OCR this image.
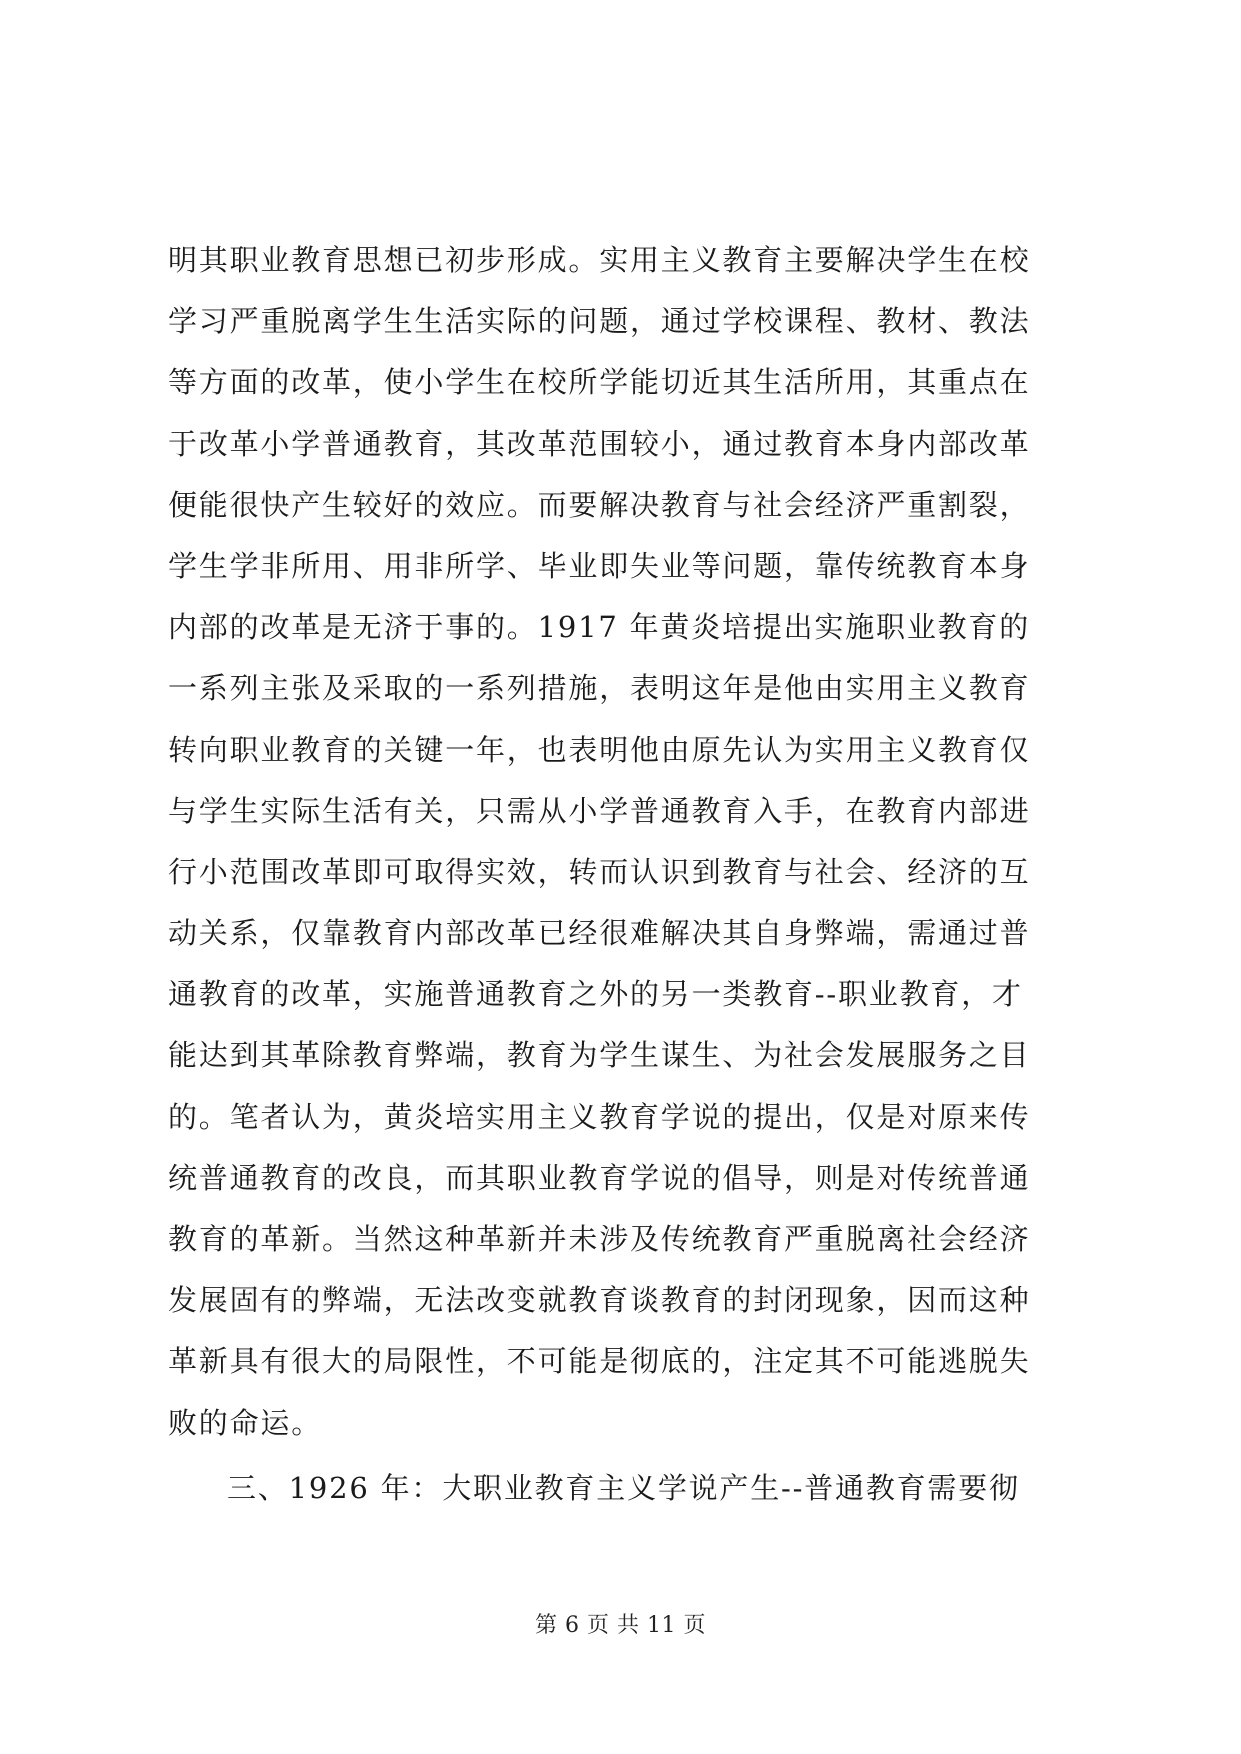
明其职业教育思想已初步形成。实用主义教育主要解决学生在校
学习严重脱离学生生活实际的问题，通过学校课程、教材、教法
等方面的改革，使小学生在校所学能切近其生活所用，其重点在
于改革小学普通教育，其改革范围较小，通过教育本身内部改革
便能很快产生较好的效应。而要解决教育与社会经济严重割裂，
学生学非所用、用非所学、毕业即失业等问题，靠传统教育本身
内部的改革是无济于事的。1917 年黄炎培提出实施职业教育的
一系列主张及采取的一系列措施，表明这年是他由实用主义教育
转向职业教育的关键一年，也表明他由原先认为实用主义教育仅
与学生实际生活有关，只需从小学普通教育入手，在教育内部进
行小范围改革即可取得实效，转而认识到教育与社会、经济的互
动关系，仅靠教育内部改革已经很难解决其自身弊端，需通过普
通教育的改革，实施普通教育之外的另一类教育--职业教育，才
能达到其革除教育弊端，教育为学生谋生、为社会发展服务之目
的。笔者认为，黄炎培实用主义教育学说的提出，仅是对原来传
统普通教育的改良，而其职业教育学说的倡导，则是对传统普通
教育的革新。当然这种革新并未涉及传统教育严重脱离社会经济
发展固有的弊端，无法改变就教育谈教育的封闭现象，因而这种
革新具有很大的局限性，不可能是彻底的，注定其不可能逃脱失
败的命运。
三、1926 年：大职业教育主义学说产生--普通教育需要彻
第 6 页 共 11 页
